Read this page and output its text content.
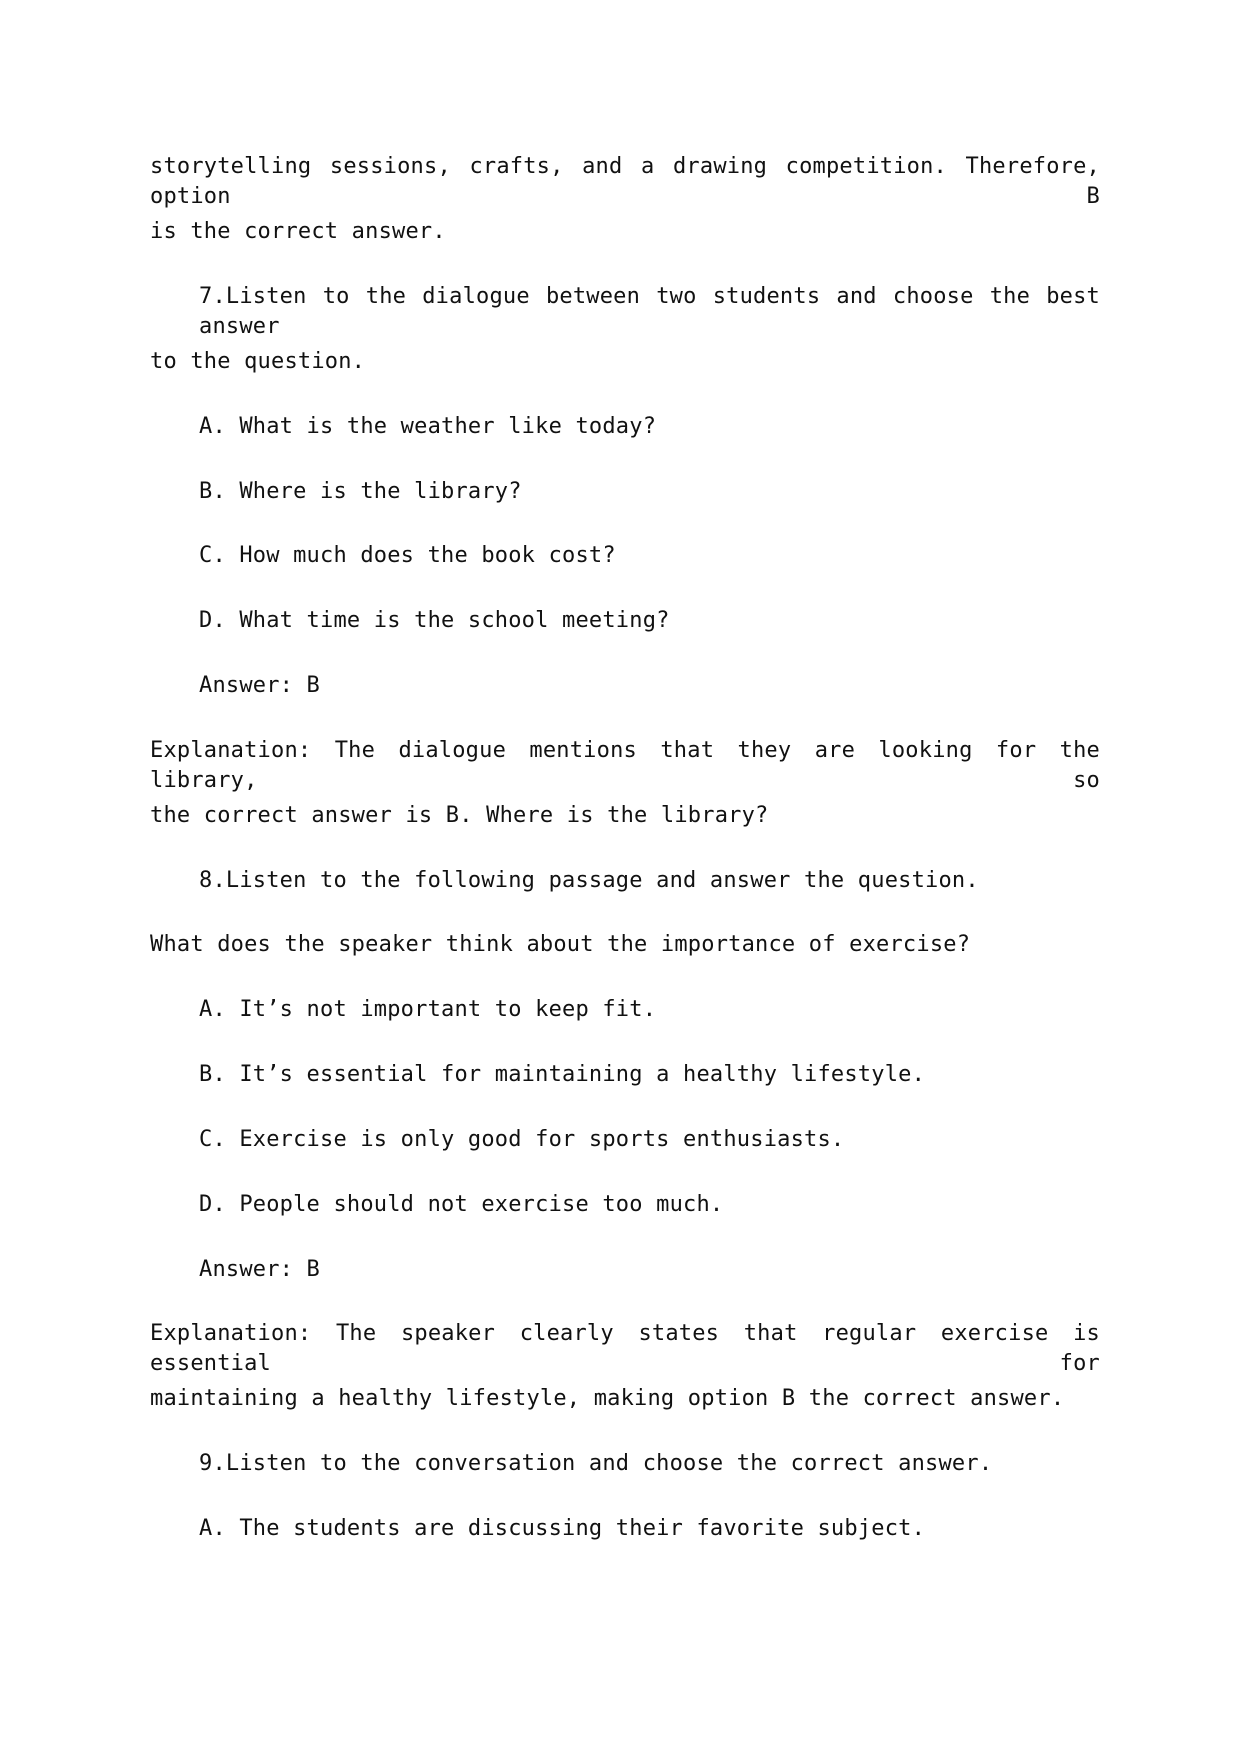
storytelling sessions, crafts, and a drawing competition. Therefore, option B
is the correct answer.
7.Listen to the dialogue between two students and choose the best answer
to the question.
A. What is the weather like today?
B. Where is the library?
C. How much does the book cost?
D. What time is the school meeting?
Answer: B
Explanation: The dialogue mentions that they are looking for the library, so
the correct answer is B. Where is the library?
8.Listen to the following passage and answer the question.
What does the speaker think about the importance of exercise?
A. It’s not important to keep fit.
B. It’s essential for maintaining a healthy lifestyle.
C. Exercise is only good for sports enthusiasts.
D. People should not exercise too much.
Answer: B
Explanation: The speaker clearly states that regular exercise is essential for
maintaining a healthy lifestyle, making option B the correct answer.
9.Listen to the conversation and choose the correct answer.
A. The students are discussing their favorite subject.
